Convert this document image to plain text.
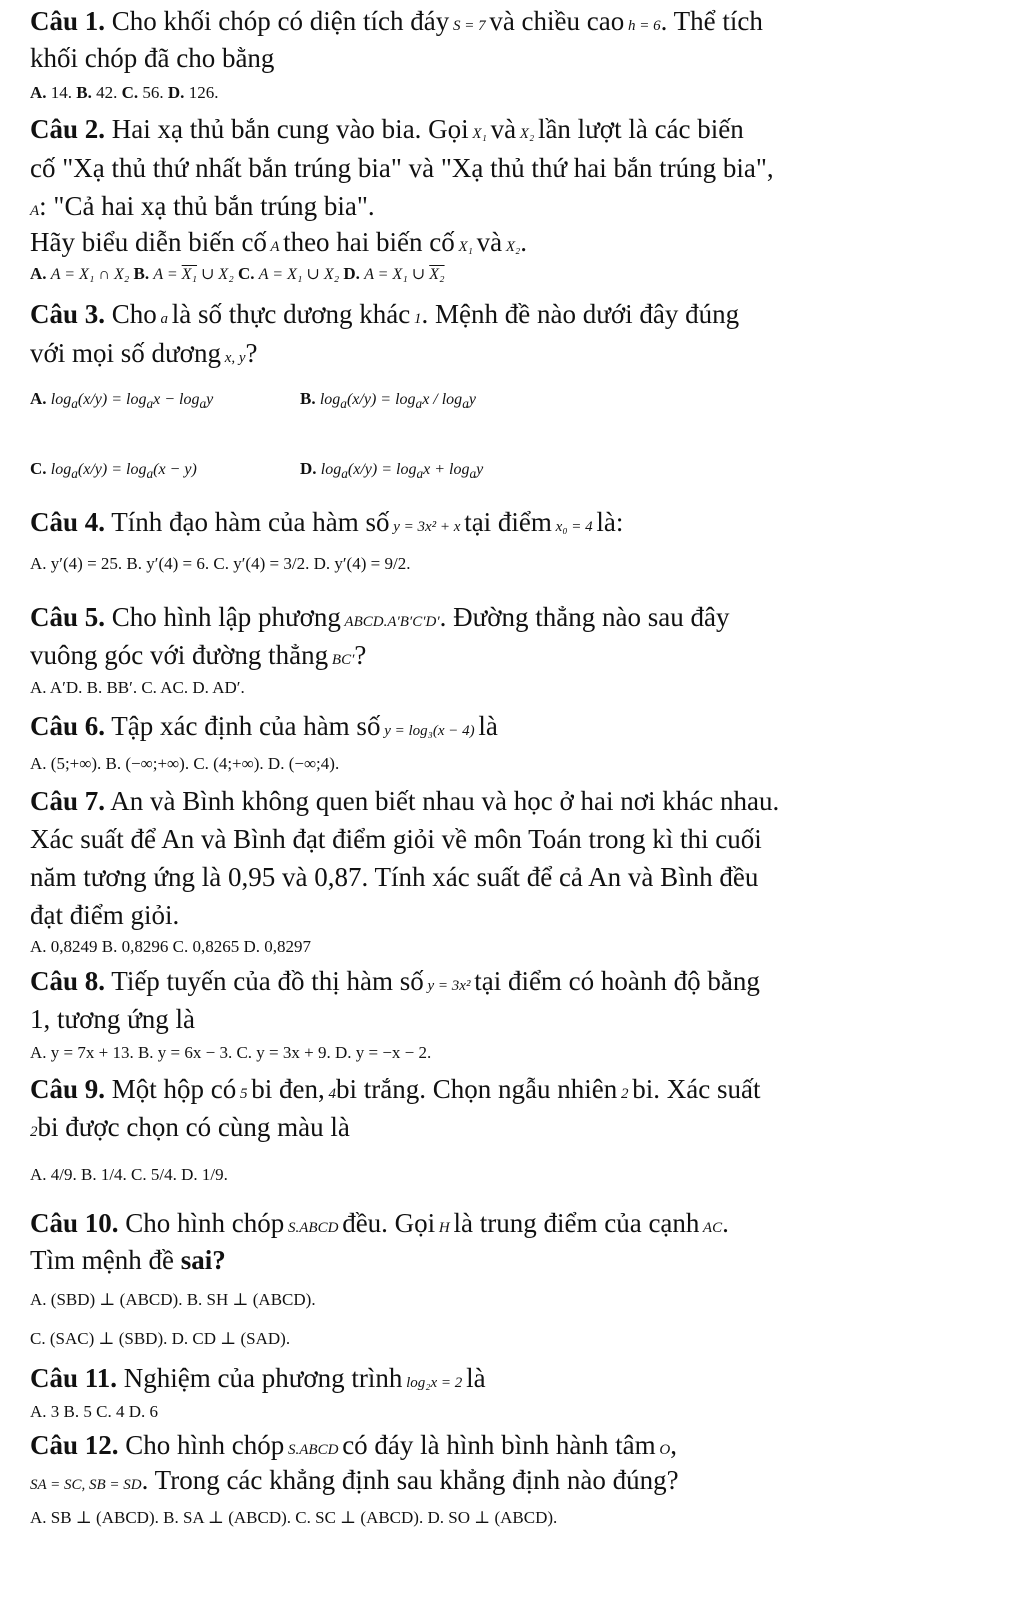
Câu 1. Cho khối chóp có diện tích đáy S = 7 và chiều cao h = 6. Thể tích
khối chóp đã cho bằng
A. 14. B. 42. C. 56. D. 126.
Câu 2. Hai xạ thủ bắn cung vào bia. Gọi X₁ và X₂ lần lượt là các biến
cố "Xạ thủ thứ nhất bắn trúng bia" và "Xạ thủ thứ hai bắn trúng bia",
A: "Cả hai xạ thủ bắn trúng bia".
Hãy biểu diễn biến cố A theo hai biến cố X₁ và X₂.
A. A = X₁ ∩ X₂ B. A = X₁ ∪ X₂ C. A = X₁ ∪ X₂ D. A = X₁ ∪ X₂
Câu 3. Cho a là số thực dương khác 1. Mệnh đề nào dưới đây đúng
với mọi số dương x, y?
A. $\log_a(x/y) = \log_ax - \log_ay$	B. $\log_a(x/y) = \log_ax / \log_ay$
C. $\log_a(x/y) = \log_a(x - y)$	D. $\log_a(x/y) = \log_ax + \log_ay$
Câu 4. Tính đạo hàm của hàm số y = 3x² + x tại điểm x₀ = 4 là:
A. y′(4) = 25. B. y′(4) = 6. C. y′(4) = 3/2. D. y′(4) = 9/2.
Câu 5. Cho hình lập phương ABCD.A′B′C′D′. Đường thẳng nào sau đây
vuông góc với đường thẳng BC′?
A. A′D. B. BB′. C. AC. D. AD′.
Câu 6. Tập xác định của hàm số y = log₃(x − 4) là
A. (5;+∞). B. (−∞;+∞). C. (4;+∞). D. (−∞;4).
Câu 7. An và Bình không quen biết nhau và học ở hai nơi khác nhau.
Xác suất để An và Bình đạt điểm giỏi về môn Toán trong kì thi cuối
năm tương ứng là 0,95 và 0,87. Tính xác suất để cả An và Bình đều
đạt điểm giỏi.
A. 0,8249 B. 0,8296 C. 0,8265 D. 0,8297
Câu 8. Tiếp tuyến của đồ thị hàm số y = 3x² tại điểm có hoành độ bằng
1, tương ứng là
A. y = 7x + 13. B. y = 6x − 3. C. y = 3x + 9. D. y = −x − 2.
Câu 9. Một hộp có 5 bi đen, 4bi trắng. Chọn ngẫu nhiên 2 bi. Xác suất
2bi được chọn có cùng màu là
A. 4/9. B. 1/4. C. 5/4. D. 1/9.
Câu 10. Cho hình chóp S.ABCD đều. Gọi H là trung điểm của cạnh AC.
Tìm mệnh đề sai?
A. (SBD) ⊥ (ABCD). B. SH ⊥ (ABCD).
C. (SAC) ⊥ (SBD). D. CD ⊥ (SAD).
Câu 11. Nghiệm của phương trình log₂x = 2 là
A. 3 B. 5 C. 4 D. 6
Câu 12. Cho hình chóp S.ABCD có đáy là hình bình hành tâm O,
SA = SC, SB = SD. Trong các khẳng định sau khẳng định nào đúng?
A. SB ⊥ (ABCD). B. SA ⊥ (ABCD). C. SC ⊥ (ABCD). D. SO ⊥ (ABCD).
